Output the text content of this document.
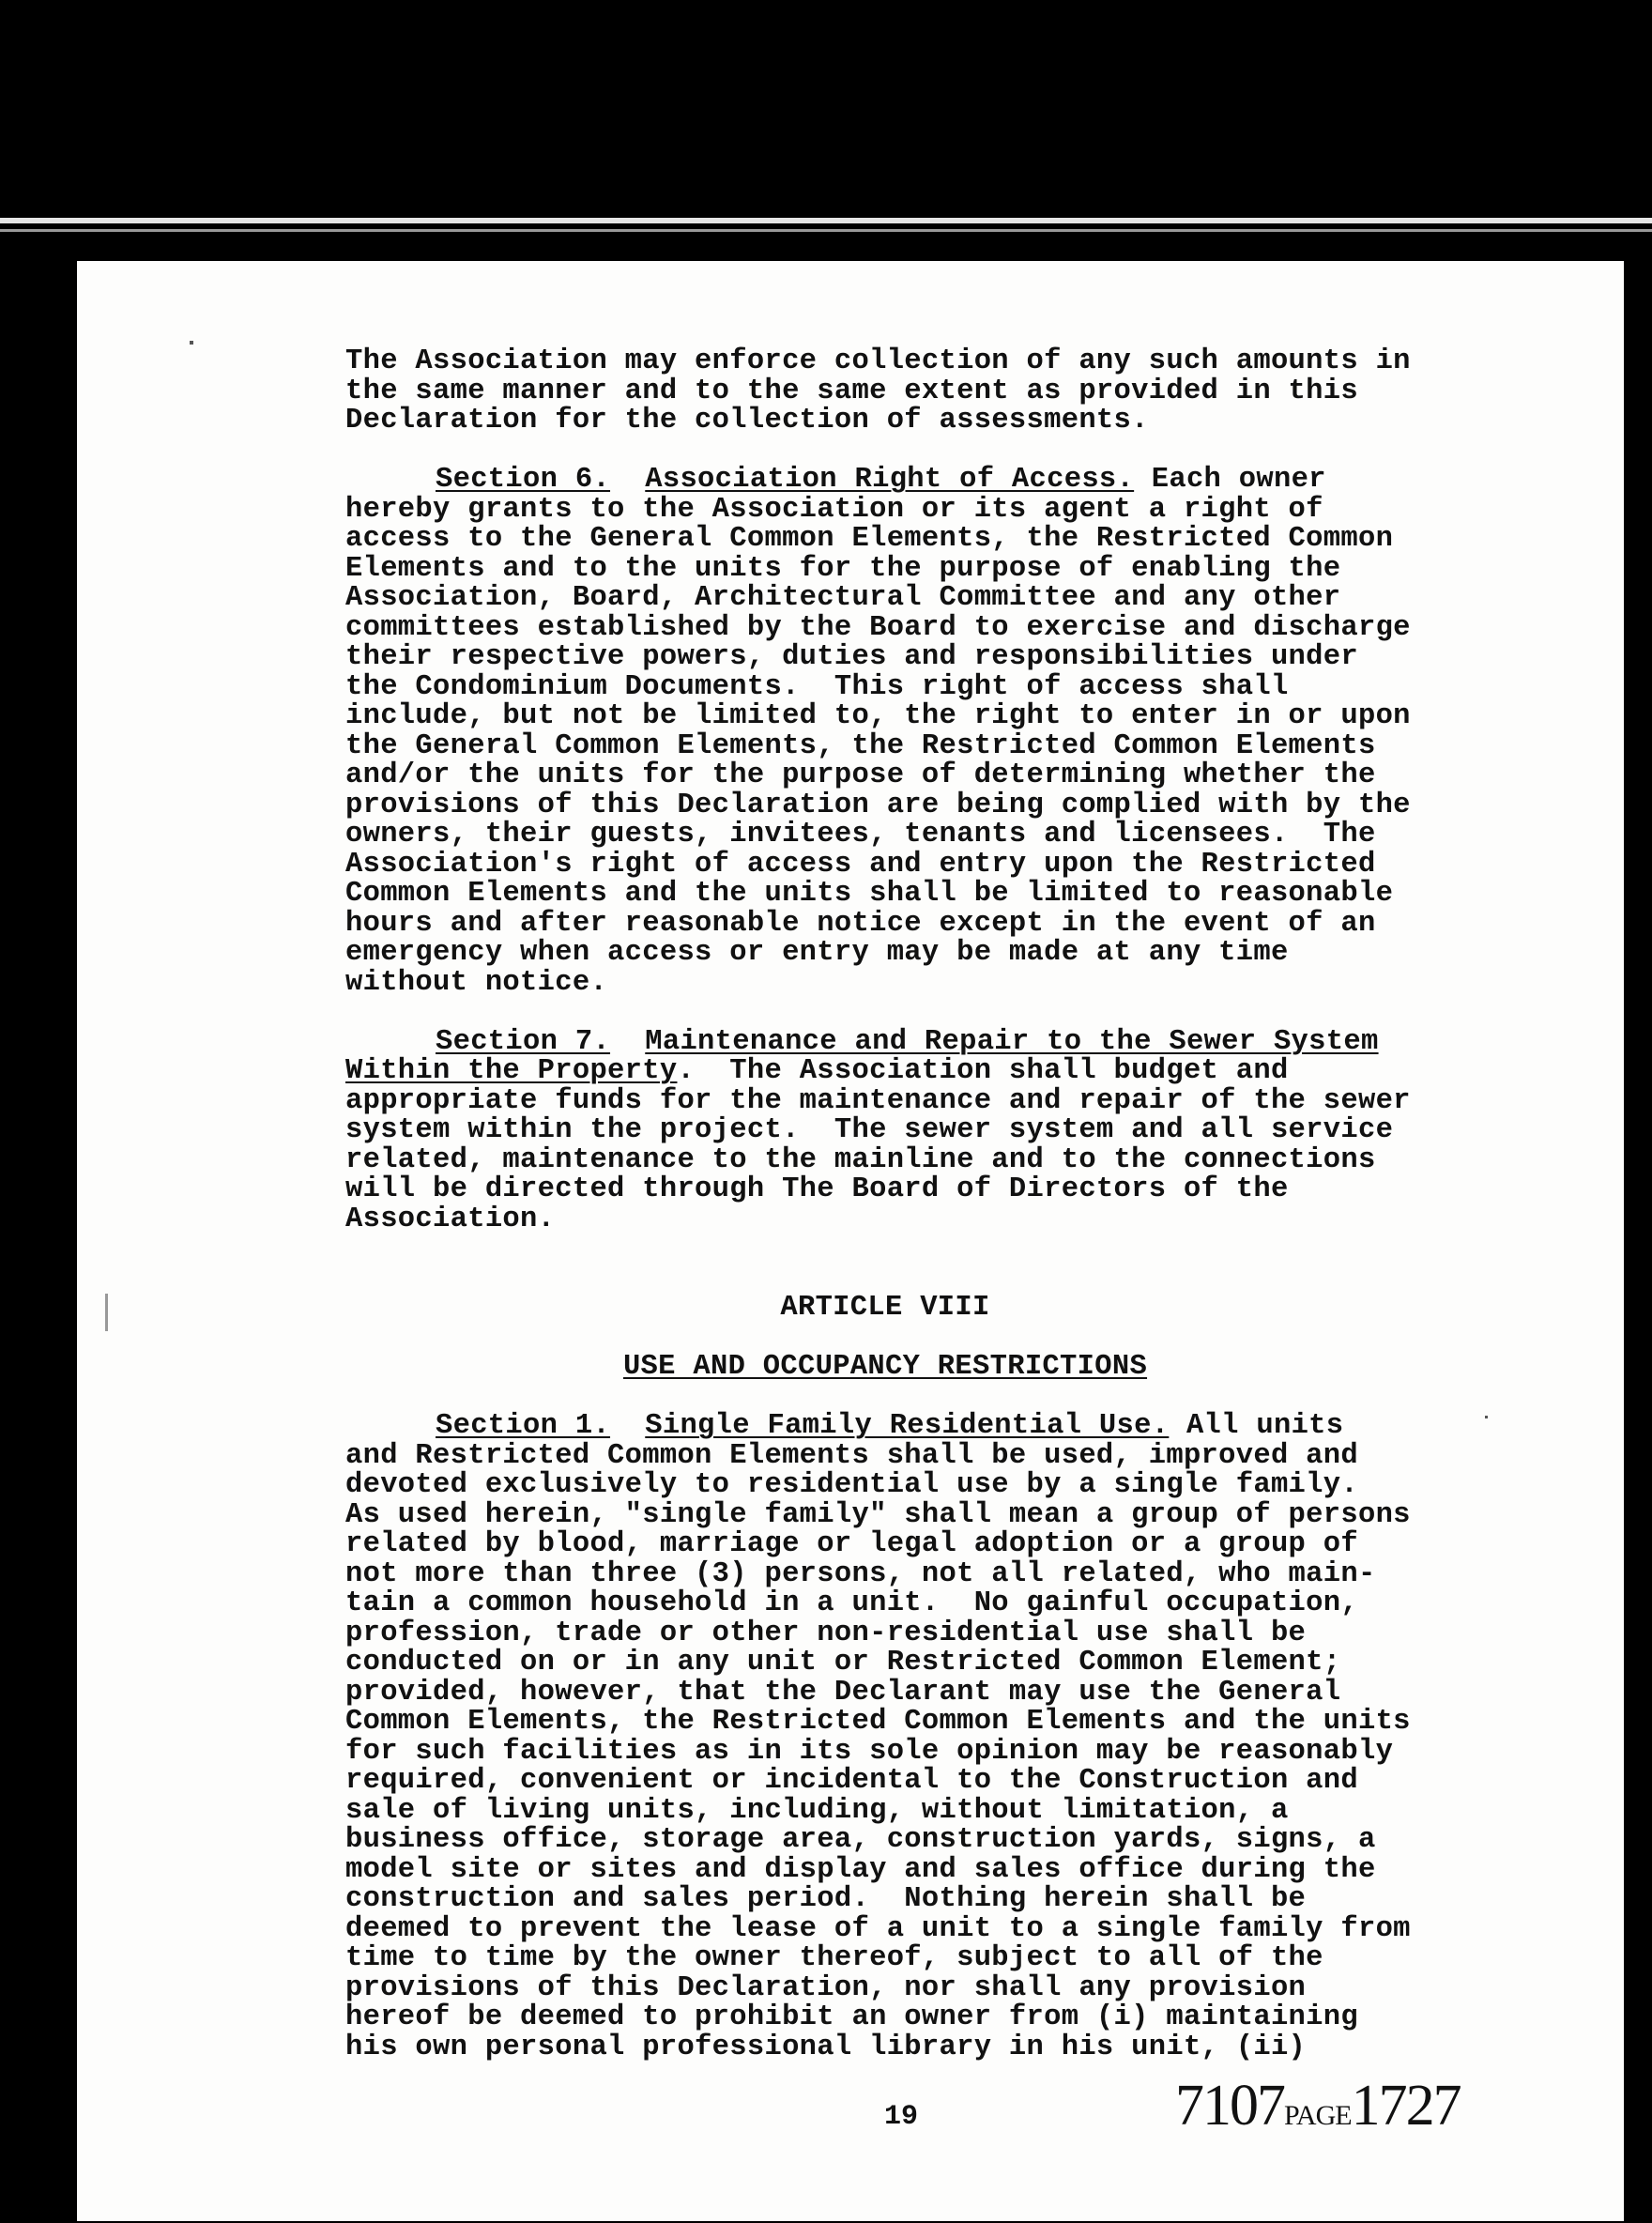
The Association may enforce collection of any such amounts in
the same manner and to the same extent as provided in this
Declaration for the collection of assessments.
Section 6. Association Right of Access. Each owner
hereby grants to the Association or its agent a right of
access to the General Common Elements, the Restricted Common
Elements and to the units for the purpose of enabling the
Association, Board, Architectural Committee and any other
committees established by the Board to exercise and discharge
their respective powers, duties and responsibilities under
the Condominium Documents.  This right of access shall
include, but not be limited to, the right to enter in or upon
the General Common Elements, the Restricted Common Elements
and/or the units for the purpose of determining whether the
provisions of this Declaration are being complied with by the
owners, their guests, invitees, tenants and licensees.  The
Association's right of access and entry upon the Restricted
Common Elements and the units shall be limited to reasonable
hours and after reasonable notice except in the event of an
emergency when access or entry may be made at any time
without notice.
Section 7. Maintenance and Repair to the Sewer System
Within the Property.  The Association shall budget and
appropriate funds for the maintenance and repair of the sewer
system within the project.  The sewer system and all service
related, maintenance to the mainline and to the connections
will be directed through The Board of Directors of the
Association.
ARTICLE VIII
USE AND OCCUPANCY RESTRICTIONS
Section 1. Single Family Residential Use. All units
and Restricted Common Elements shall be used, improved and
devoted exclusively to residential use by a single family.
As used herein, "single family" shall mean a group of persons
related by blood, marriage or legal adoption or a group of
not more than three (3) persons, not all related, who main-
tain a common household in a unit.  No gainful occupation,
profession, trade or other non-residential use shall be
conducted on or in any unit or Restricted Common Element;
provided, however, that the Declarant may use the General
Common Elements, the Restricted Common Elements and the units
for such facilities as in its sole opinion may be reasonably
required, convenient or incidental to the Construction and
sale of living units, including, without limitation, a
business office, storage area, construction yards, signs, a
model site or sites and display and sales office during the
construction and sales period.  Nothing herein shall be
deemed to prevent the lease of a unit to a single family from
time to time by the owner thereof, subject to all of the
provisions of this Declaration, nor shall any provision
hereof be deemed to prohibit an owner from (i) maintaining
his own personal professional library in his unit, (ii)
19	7107PAGE1727
